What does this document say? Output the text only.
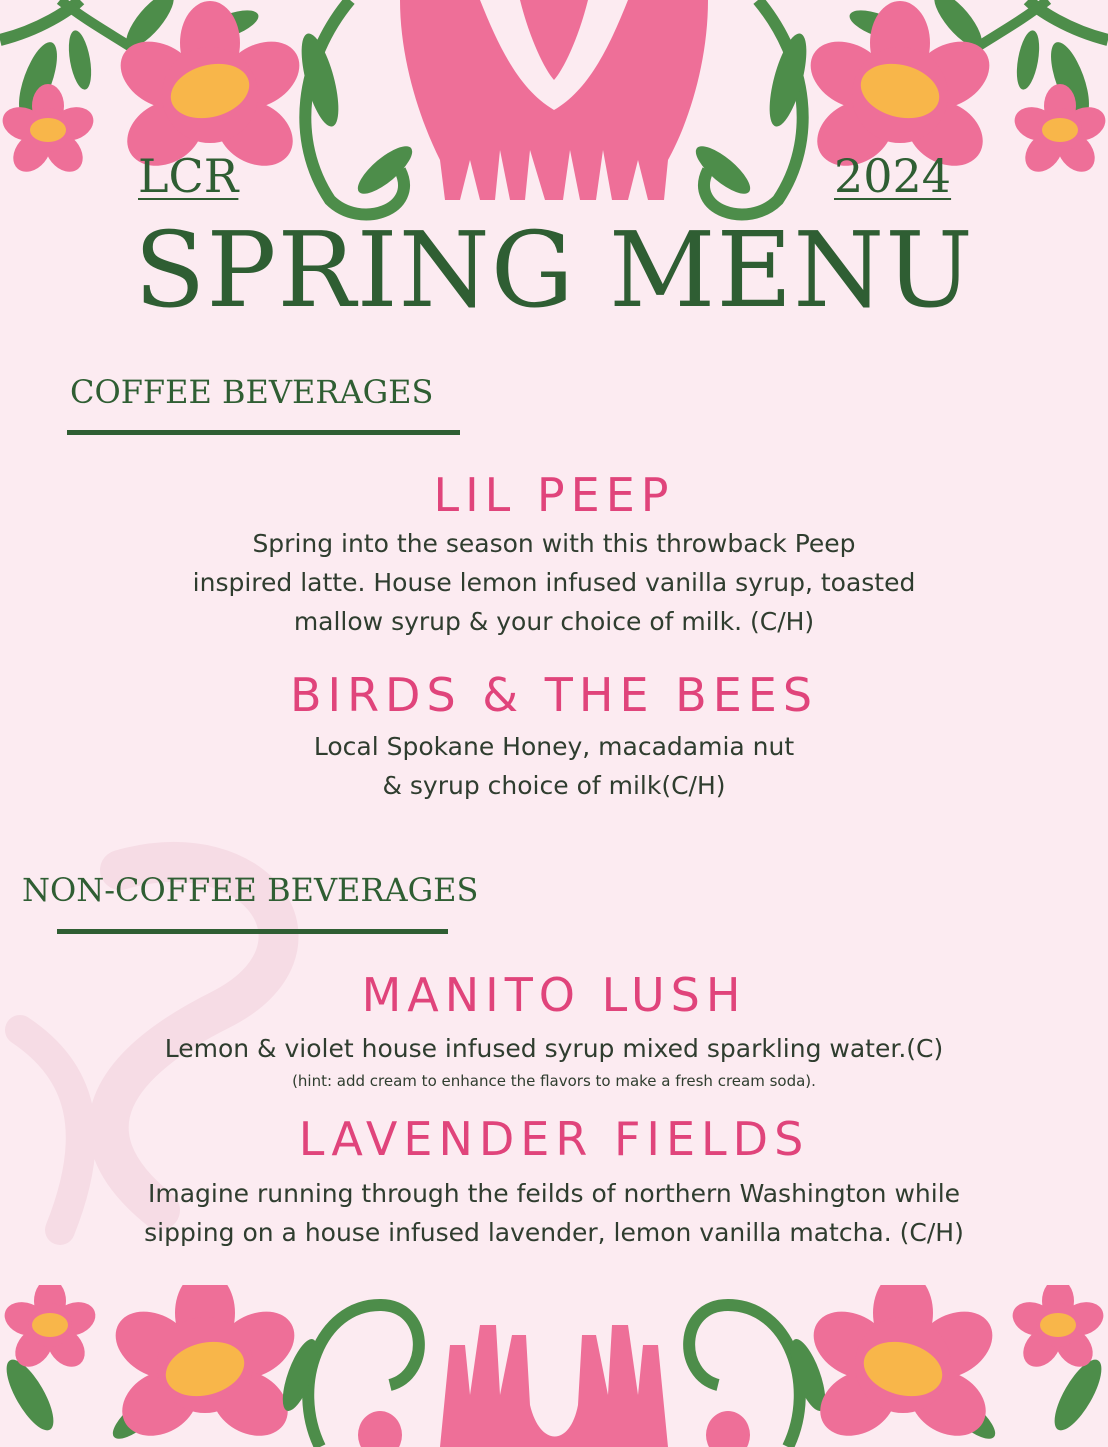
LCR	2024
SPRING MENU
COFFEE BEVERAGES
LIL PEEP
Spring into the season with this throwback Peep
inspired latte. House lemon infused vanilla syrup, toasted
mallow syrup & your choice of milk. (C/H)
BIRDS & THE BEES
Local Spokane Honey, macadamia nut
& syrup choice of milk(C/H)
NON-COFFEE BEVERAGES
MANITO LUSH
Lemon & violet house infused syrup mixed sparkling water.(C)
(hint: add cream to enhance the flavors to make a fresh cream soda).
LAVENDER FIELDS
Imagine running through the feilds of northern Washington while
sipping on a house infused lavender, lemon vanilla matcha. (C/H)
